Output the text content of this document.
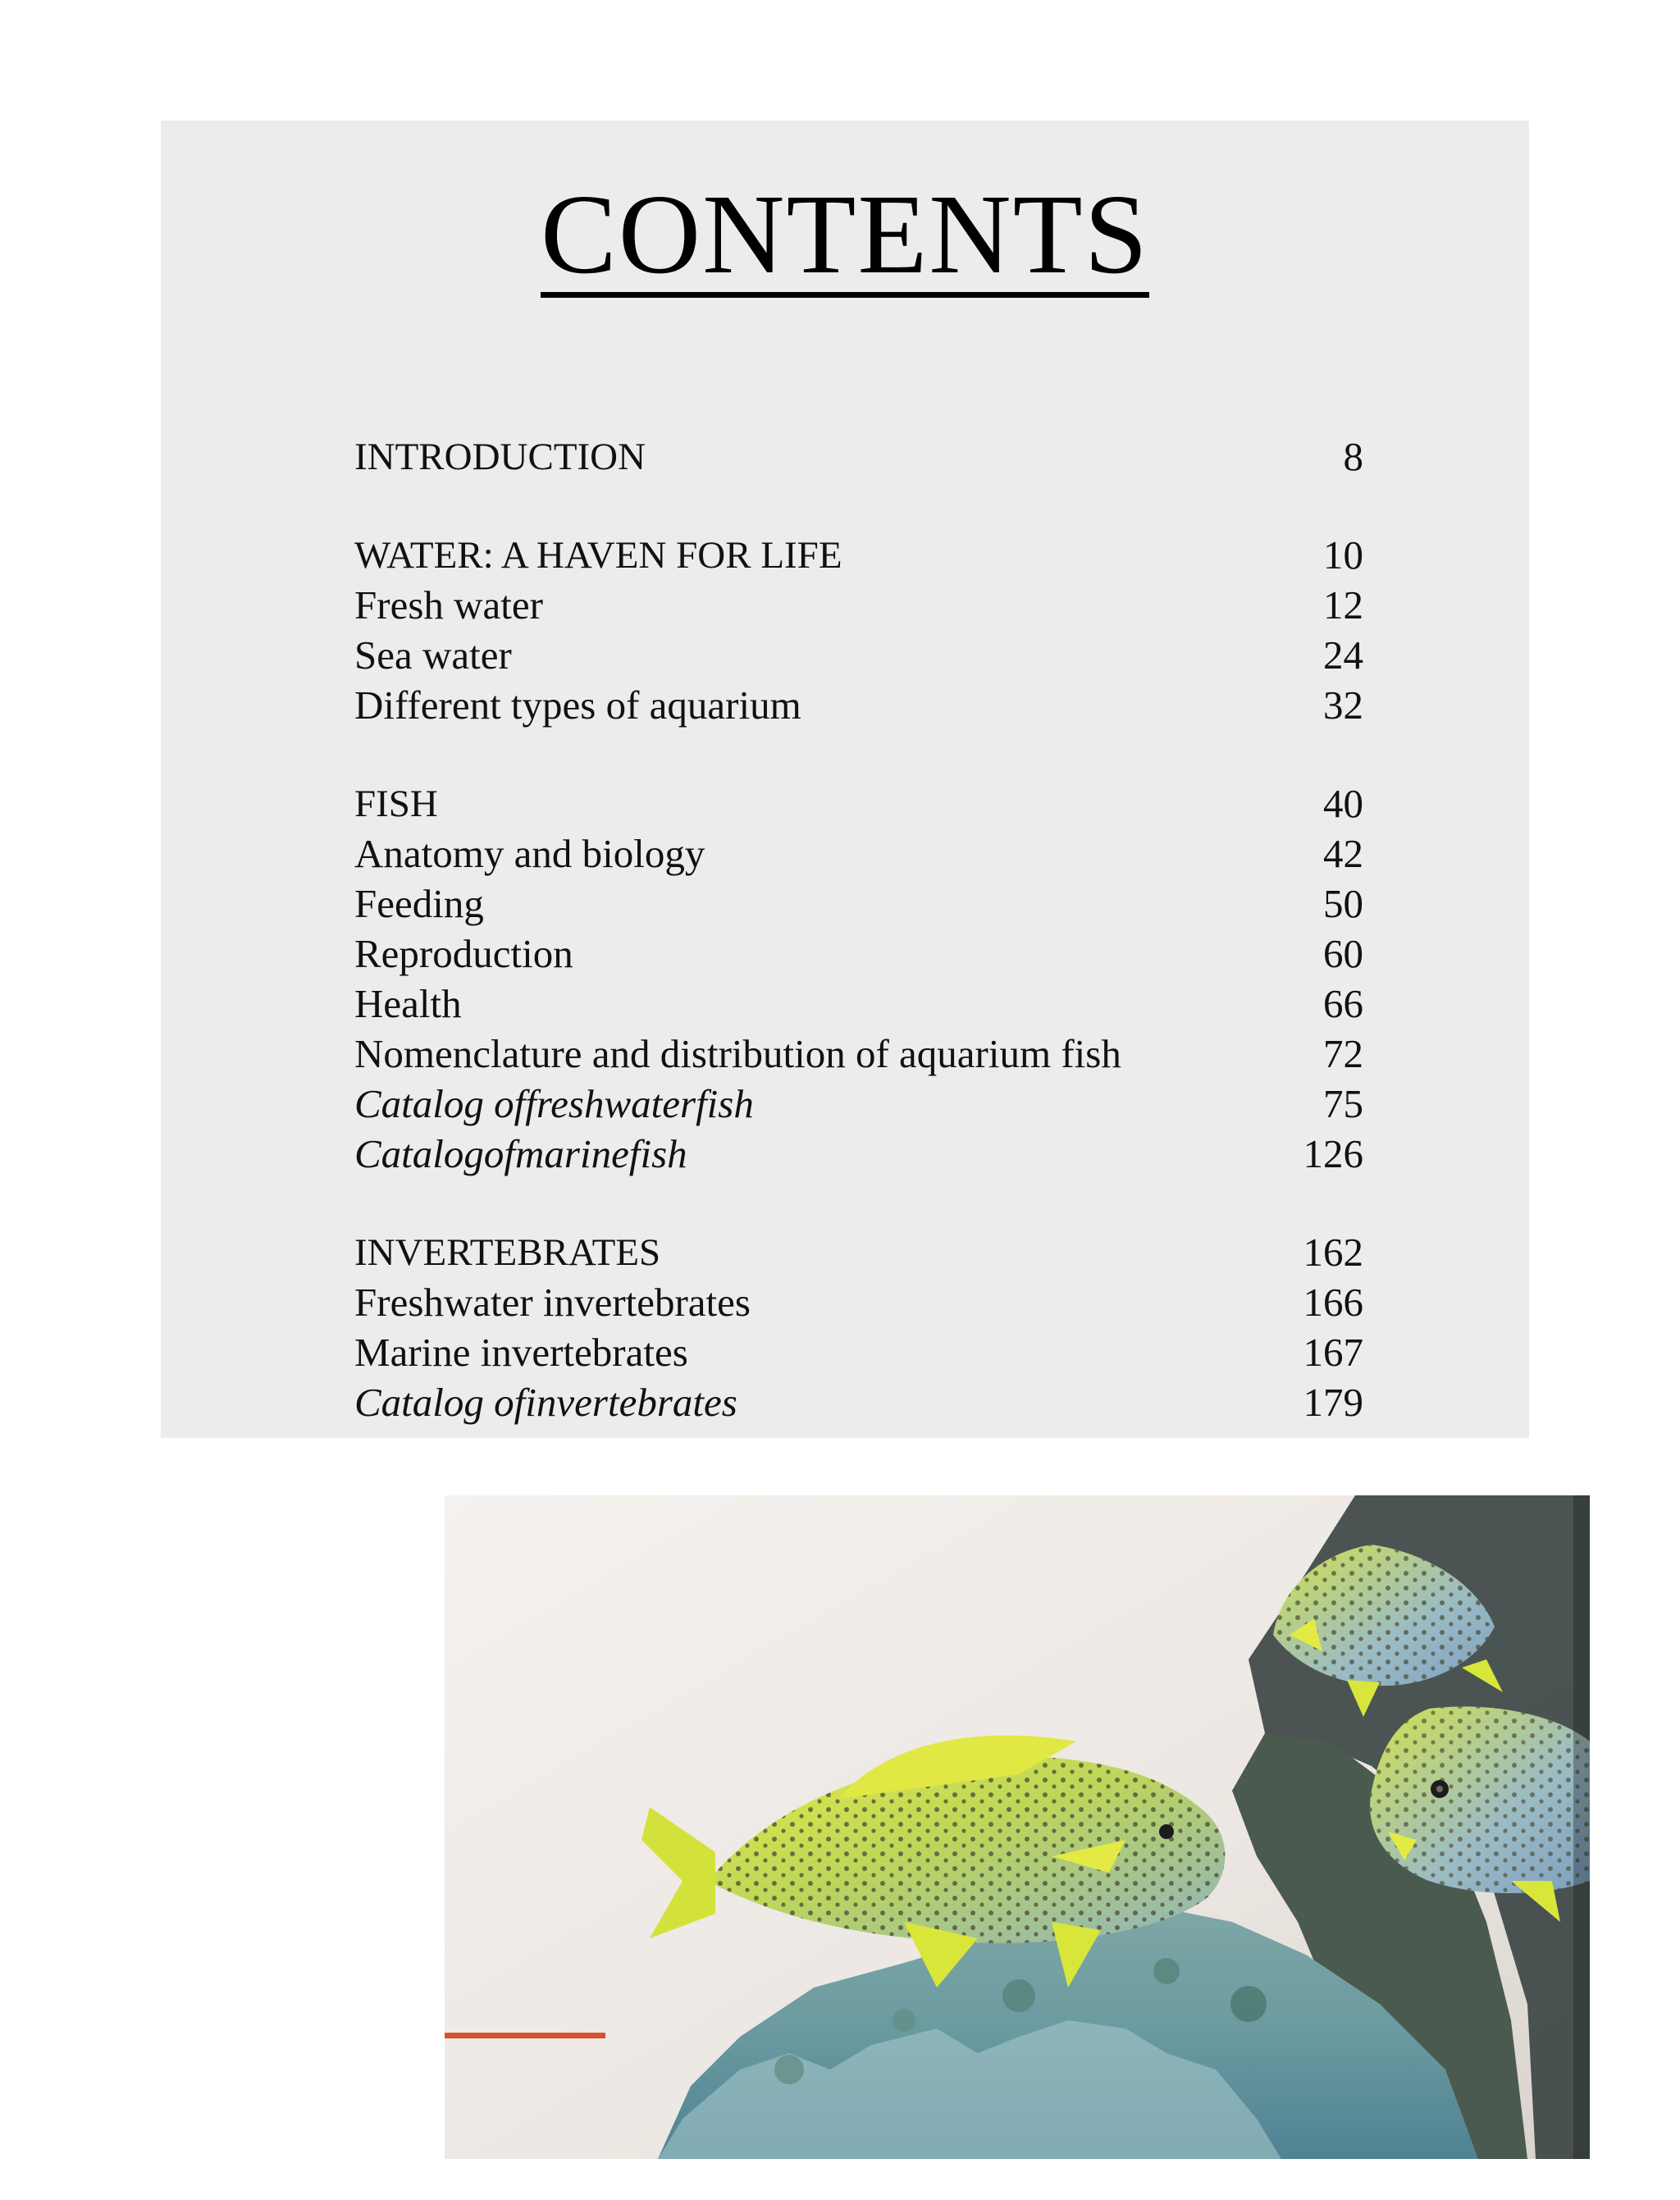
CONTENTS
INTRODUCTION	8
WATER: A HAVEN FOR LIFE	10
Fresh water	12
Sea water	24
Different types of aquarium	32
FISH	40
Anatomy and biology	42
Feeding	50
Reproduction	60
Health	66
Nomenclature and distribution of aquarium fish	72
Catalog offreshwaterfish	75
Catalogofmarinefish	126
INVERTEBRATES	162
Freshwater invertebrates	166
Marine invertebrates	167
Catalog ofinvertebrates	179
